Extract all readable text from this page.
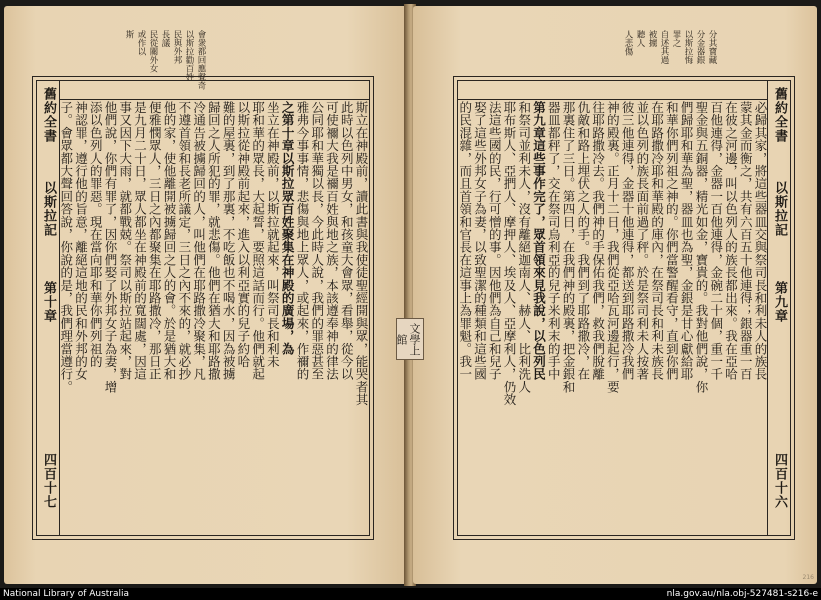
會衆都回應聲奇
以斯拉勸百姓
民與外邦
長議
民從關外女
或作以
斯
舊約全書
以斯拉記
第十章
四百十七
斯立在神殿前，讀此書與我使徒聖經開與眾，能哭者其
此時以色列中男女，和孩童大會眾，看舉，從今以
可使禰大我是禰百姓與地之族，本該遵奉神的律法
公同耶和華獨以長，今此時人說，我們的罪惡甚至
雅弗今事事情，悲傷與地上眾人，或起來，作禰的
之第十章以斯拉眾百姓聚集在神殿的廣場，為
坐立在神殿前，以斯拉就起來，叫祭司長和利未
耶和華的眾長，大起誓，要照這話而行。他們就起
以斯拉從神殿前起來，進入以利亞實的兒子約哈
難的屋裏，到了那裏，不吃飯也不喝水，因為被擄
歸回之人所犯的罪，就悲傷。他們在猶大和耶路撒
冷通告被擄歸回的人，叫他們在耶路撒冷聚集，凡
不遵首領和長老所議定，三日之內不來的，就必抄
他的家，使他離開被擄歸回之人的會。於是猶大和
便雅憫眾人，三日之內都聚集在耶路撒冷，那日正
是九月二十日，眾人都坐在神殿前的寬闊處，因這
事又因下大雨，就都戰兢。祭司以斯拉站起來，對
他們說，你們有罪了，因你們娶了外邦女子為妻，增
添以色列人的罪惡。現在當向耶和華你們列祖的
神認罪，遵行他的旨意，離絕這地的民和外邦的女
子。會眾都大聲回答說，你說的是，我們理當遵行。
分其寶藏
分金器銀
以斯拉悔
罪之
自述其過
被擄
聽人
人悲傷
舊約全書
以斯拉記
第九章
四百十六
必歸其家，將這些器皿交與祭司長和利未人的族長
蒙其金而衡之，共有六百五十他連得；銀器重一百
在彼之河邊，叫以色列人的族長都出來。我在亞哈
百他連得，金器一百他連得，金碗二十個，重一千
聖金與五銅器，精光如金，寶貴的。我對他們說，你
們歸耶和華為聖，器皿也為聖，金銀是甘心獻給耶
和華你們列祖之神的。你們當警醒看守，直到你們
在耶路撒冷耶和華殿的庫內，在祭司長和利未族長
並以色列的族長面前過了秤。於是祭司利未人按著
彼三他連得，金器十他連得，都送到耶路撒冷我們
神的殿裏。正月十二日，我們從亞哈瓦河邊起行，要
往耶路撒冷去。我們神的手保佑我們，救我們脫離
仇敵和路上埋伏之人的手。我們到了耶路撒冷，在
那裏住了三日。第四日，在我們神的殿裏，把金銀和
器皿都秤了，交在祭司烏利亞的兒子米利末的手中
第九章這些事作完了，眾首領來見我說，以色列民
和祭司並利未人，沒有離絕迦南人、赫人、比利洗人
耶布斯人、亞捫人、摩押人、埃及人、亞摩利人，仍效
法這些國的民，行可憎的事。因他們為自己和兒子
娶了這些外邦女子為妻，以致聖潔的種類和這些國
的民混雜，而且首領和官長在這事上為罪魁。我一
216
文學上館
National Library of Australia	nla.gov.au/nla.obj-527481-s216-e
